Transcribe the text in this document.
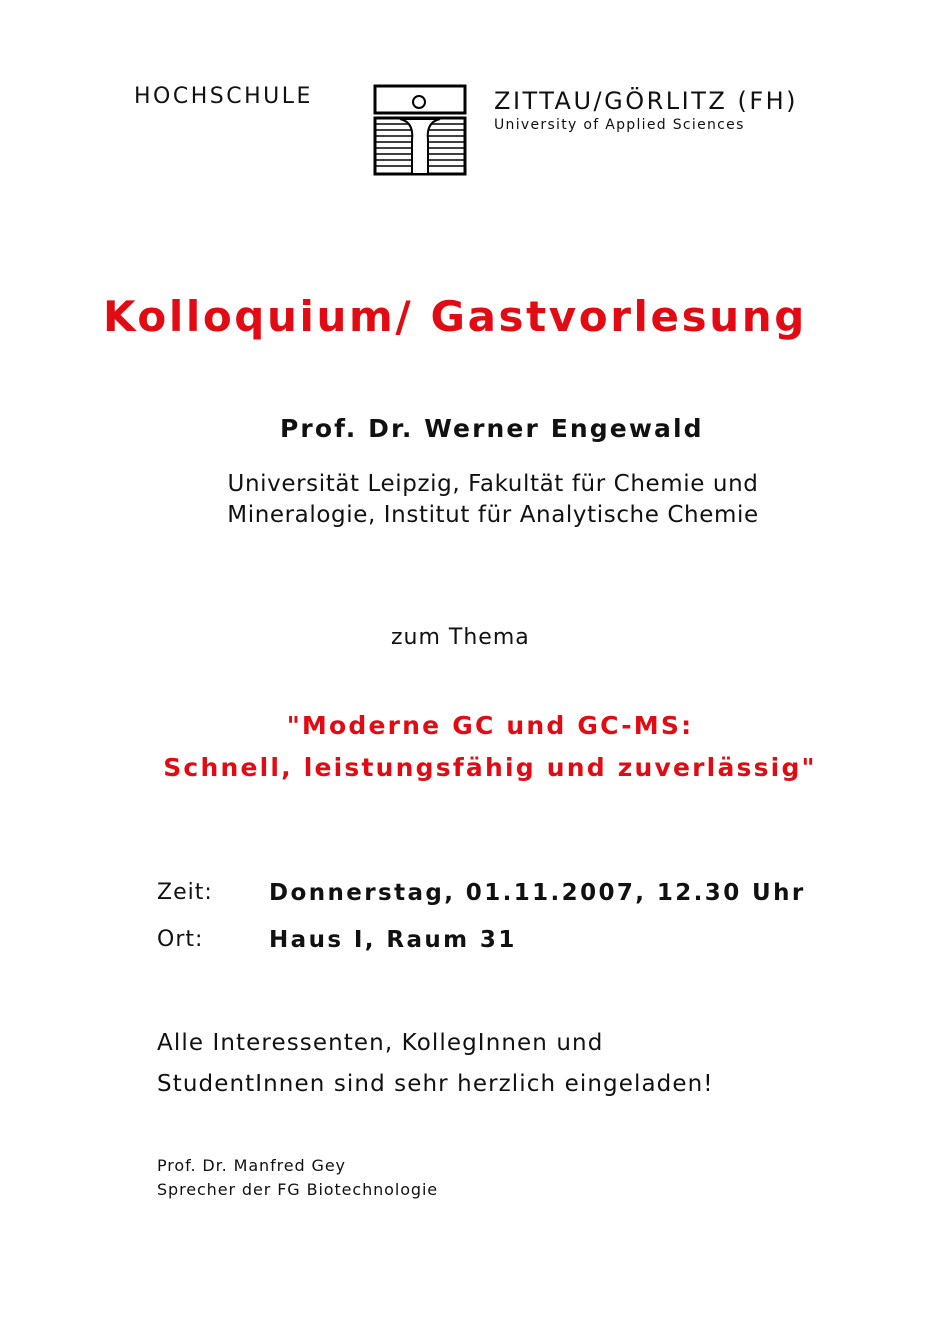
HOCHSCHULE	ZITTAU/GÖRLITZ (FH)
University of Applied Sciences
Kolloquium/ Gastvorlesung
Prof. Dr. Werner Engewald
Universität Leipzig, Fakultät für Chemie und
Mineralogie, Institut für Analytische Chemie
zum Thema
"Moderne GC und GC-MS:
Schnell, leistungsfähig und zuverlässig"
Zeit: Donnerstag, 01.11.2007, 12.30 Uhr
Ort:	Haus I, Raum 31
Alle Interessenten, KollegInnen und
StudentInnen sind sehr herzlich eingeladen!
Prof. Dr. Manfred Gey
Sprecher der FG Biotechnologie
